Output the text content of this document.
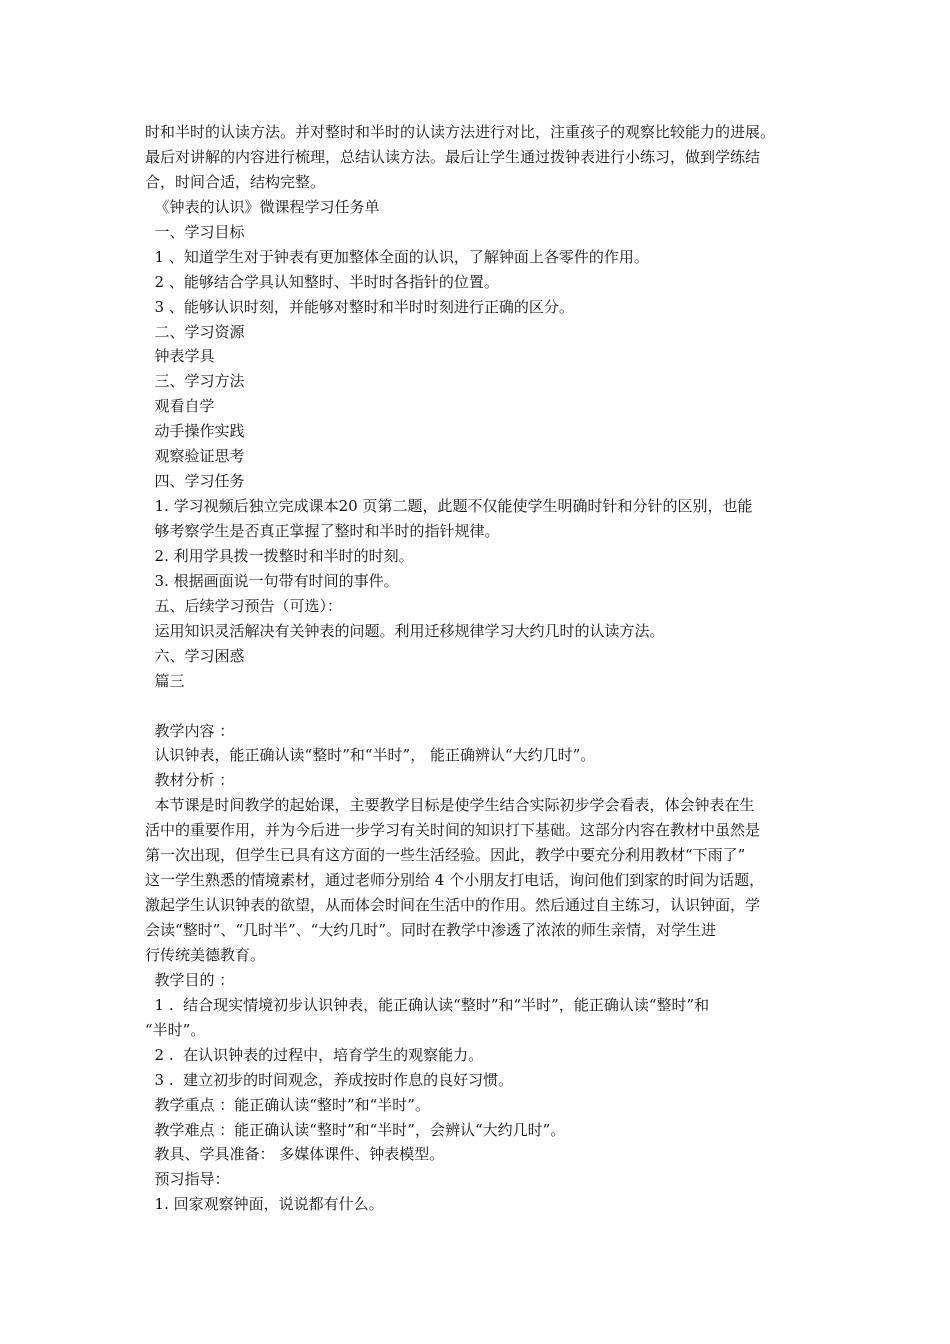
时和半时的认读方法。并对整时和半时的认读方法进行对比，注重孩子的观察比较能力的进展。
最后对讲解的内容进行梳理，总结认读方法。最后让学生通过拨钟表进行小练习，做到学练结
合，时间合适，结构完整。
《钟表的认识》微课程学习任务单
一、学习目标
1 、知道学生对于钟表有更加整体全面的认识，了解钟面上各零件的作用。
2 、能够结合学具认知整时、半时时各指针的位置。
3 、能够认识时刻，并能够对整时和半时时刻进行正确的区分。
二、学习资源
钟表学具
三、学习方法
观看自学
动手操作实践
观察验证思考
四、学习任务
1. 学习视频后独立完成课本20 页第二题，此题不仅能使学生明确时针和分针的区别，也能
够考察学生是否真正掌握了整时和半时的指针规律。
2. 利用学具拨一拨整时和半时的时刻。
3. 根据画面说一句带有时间的事件。
五、后续学习预告（可选）：
运用知识灵活解决有关钟表的问题。利用迁移规律学习大约几时的认读方法。
六、学习困惑
篇三
教学内容 ：
认识钟表，能正确认读“整时”和“半时”， 能正确辨认“大约几时”。
教材分析 ：
本节课是时间教学的起始课，主要教学目标是使学生结合实际初步学会看表，体会钟表在生
活中的重要作用，并为今后进一步学习有关时间的知识打下基础。这部分内容在教材中虽然是
第一次出现，但学生已具有这方面的一些生活经验。因此，教学中要充分利用教材“下雨了”
这一学生熟悉的情境素材，通过老师分别给 4 个小朋友打电话，询问他们到家的时间为话题，
激起学生认识钟表的欲望，从而体会时间在生活中的作用。然后通过自主练习，认识钟面，学
会读“整时”、“几时半”、“大约几时”。同时在教学中渗透了浓浓的师生亲情，对学生进
行传统美德教育。
教学目的 ：
1 .  结合现实情境初步认识钟表，能正确认读“整时”和“半时”，能正确认读“整时”和
“半时”。
2 .  在认识钟表的过程中，培育学生的观察能力。
3 .  建立初步的时间观念，养成按时作息的良好习惯。
教学重点 ：能正确认读“整时”和“半时”。
教学难点 ：能正确认读“整时”和“半时”，会辨认“大约几时”。
教具、学具准备： 多媒体课件、钟表模型。
预习指导：
1. 回家观察钟面，说说都有什么。
